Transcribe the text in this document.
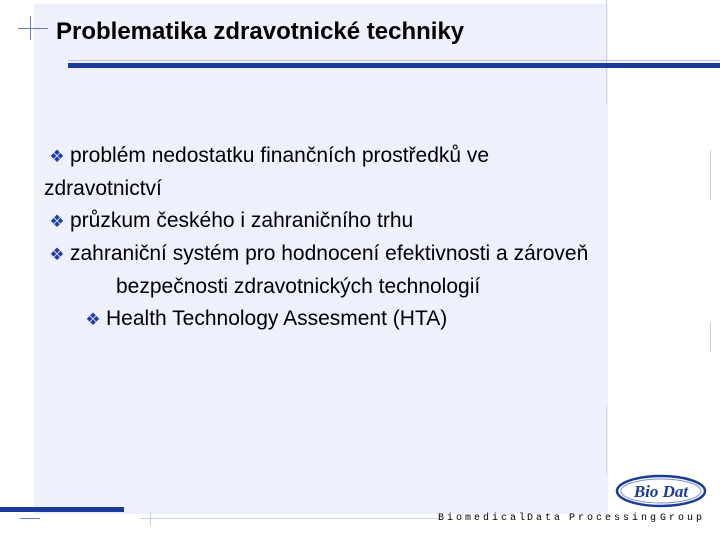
Problematika zdravotnické techniky
❖ problém nedostatku finančních prostředků ve
zdravotnictví
❖ průzkum českého i zahraničního trhu
❖ zahraniční systém pro hodnocení efektivnosti a zároveň
bezpečnosti zdravotnických technologií
❖ Health Technology Assesment (HTA)
Bio Dat
Biomedical
Data Processing Group
